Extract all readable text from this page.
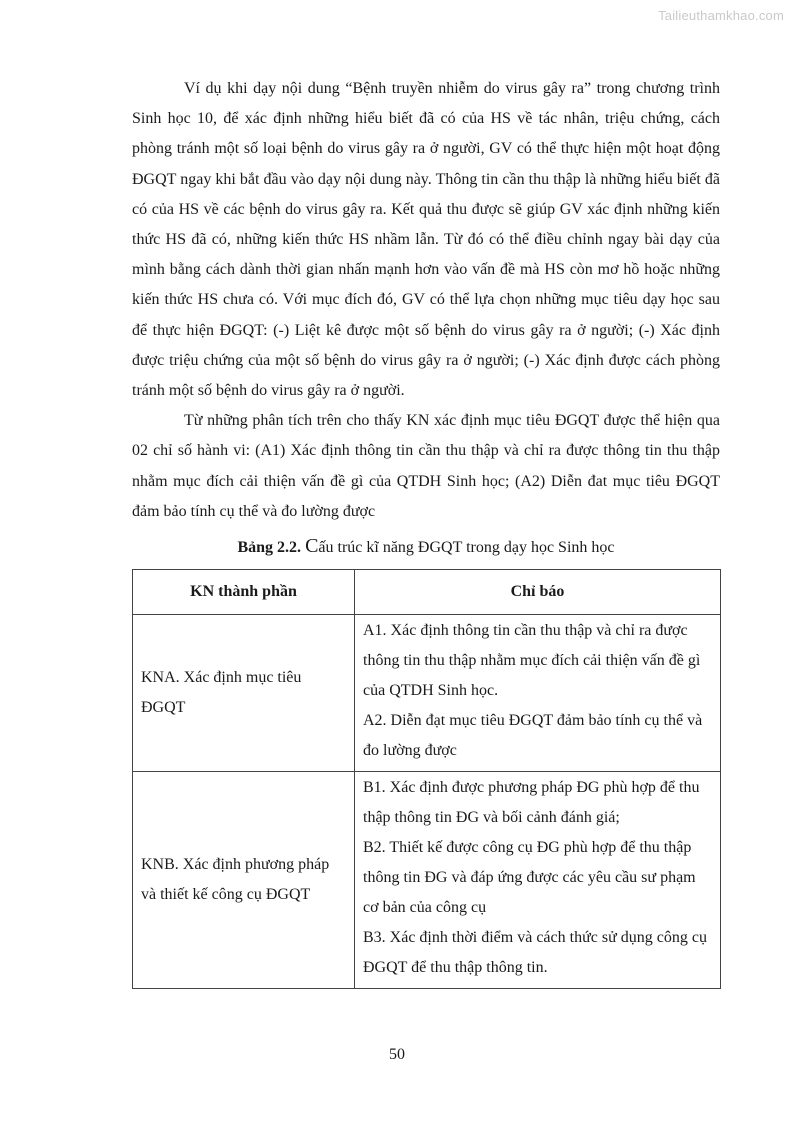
Tailieuthamkhao.com

Ví dụ khi dạy nội dung “Bệnh truyền nhiễm do virus gây ra” trong chương trình Sinh học 10, để xác định những hiểu biết đã có của HS về tác nhân, triệu chứng, cách phòng tránh một số loại bệnh do virus gây ra ở người, GV có thể thực hiện một hoạt động ĐGQT ngay khi bắt đầu vào dạy nội dung này. Thông tin cần thu thập là những hiểu biết đã có của HS về các bệnh do virus gây ra. Kết quả thu được sẽ giúp GV xác định những kiến thức HS đã có, những kiến thức HS nhầm lẫn. Từ đó có thể điều chỉnh ngay bài dạy của mình bằng cách dành thời gian nhấn mạnh hơn vào vấn đề mà HS còn mơ hồ hoặc những kiến thức HS chưa có. Với mục đích đó, GV có thể lựa chọn những mục tiêu dạy học sau để thực hiện ĐGQT: (-) Liệt kê được một số bệnh do virus gây ra ở người; (-) Xác định được triệu chứng của một số bệnh do virus gây ra ở người; (-) Xác định được cách phòng tránh một số bệnh do virus gây ra ở người.

Từ những phân tích trên cho thấy KN xác định mục tiêu ĐGQT được thể hiện qua 02 chỉ số hành vi: (A1) Xác định thông tin cần thu thập và chỉ ra được thông tin thu thập nhằm mục đích cải thiện vấn đề gì của QTDH Sinh học; (A2) Diễn đat mục tiêu ĐGQT đảm bảo tính cụ thể và đo lường được

Bảng 2.2. Cấu trúc kĩ năng ĐGQT trong dạy học Sinh học
KN thành phần	Chỉ báo
KNA. Xác định mục tiêu ĐGQT	A1. Xác định thông tin cần thu thập và chỉ ra được thông tin thu thập nhằm mục đích cải thiện vấn đề gì của QTDH Sinh học.
A2. Diễn đạt mục tiêu ĐGQT đảm bảo tính cụ thể và đo lường được

KNB. Xác định phương pháp và thiết kế công cụ ĐGQT	B1. Xác định được phương pháp ĐG phù hợp để thu thập thông tin ĐG và bối cảnh đánh giá;
B2. Thiết kế được công cụ ĐG phù hợp để thu thập thông tin ĐG và đáp ứng được các yêu cầu sư phạm cơ bản của công cụ
B3. Xác định thời điểm và cách thức sử dụng công cụ ĐGQT để thu thập thông tin.
50
